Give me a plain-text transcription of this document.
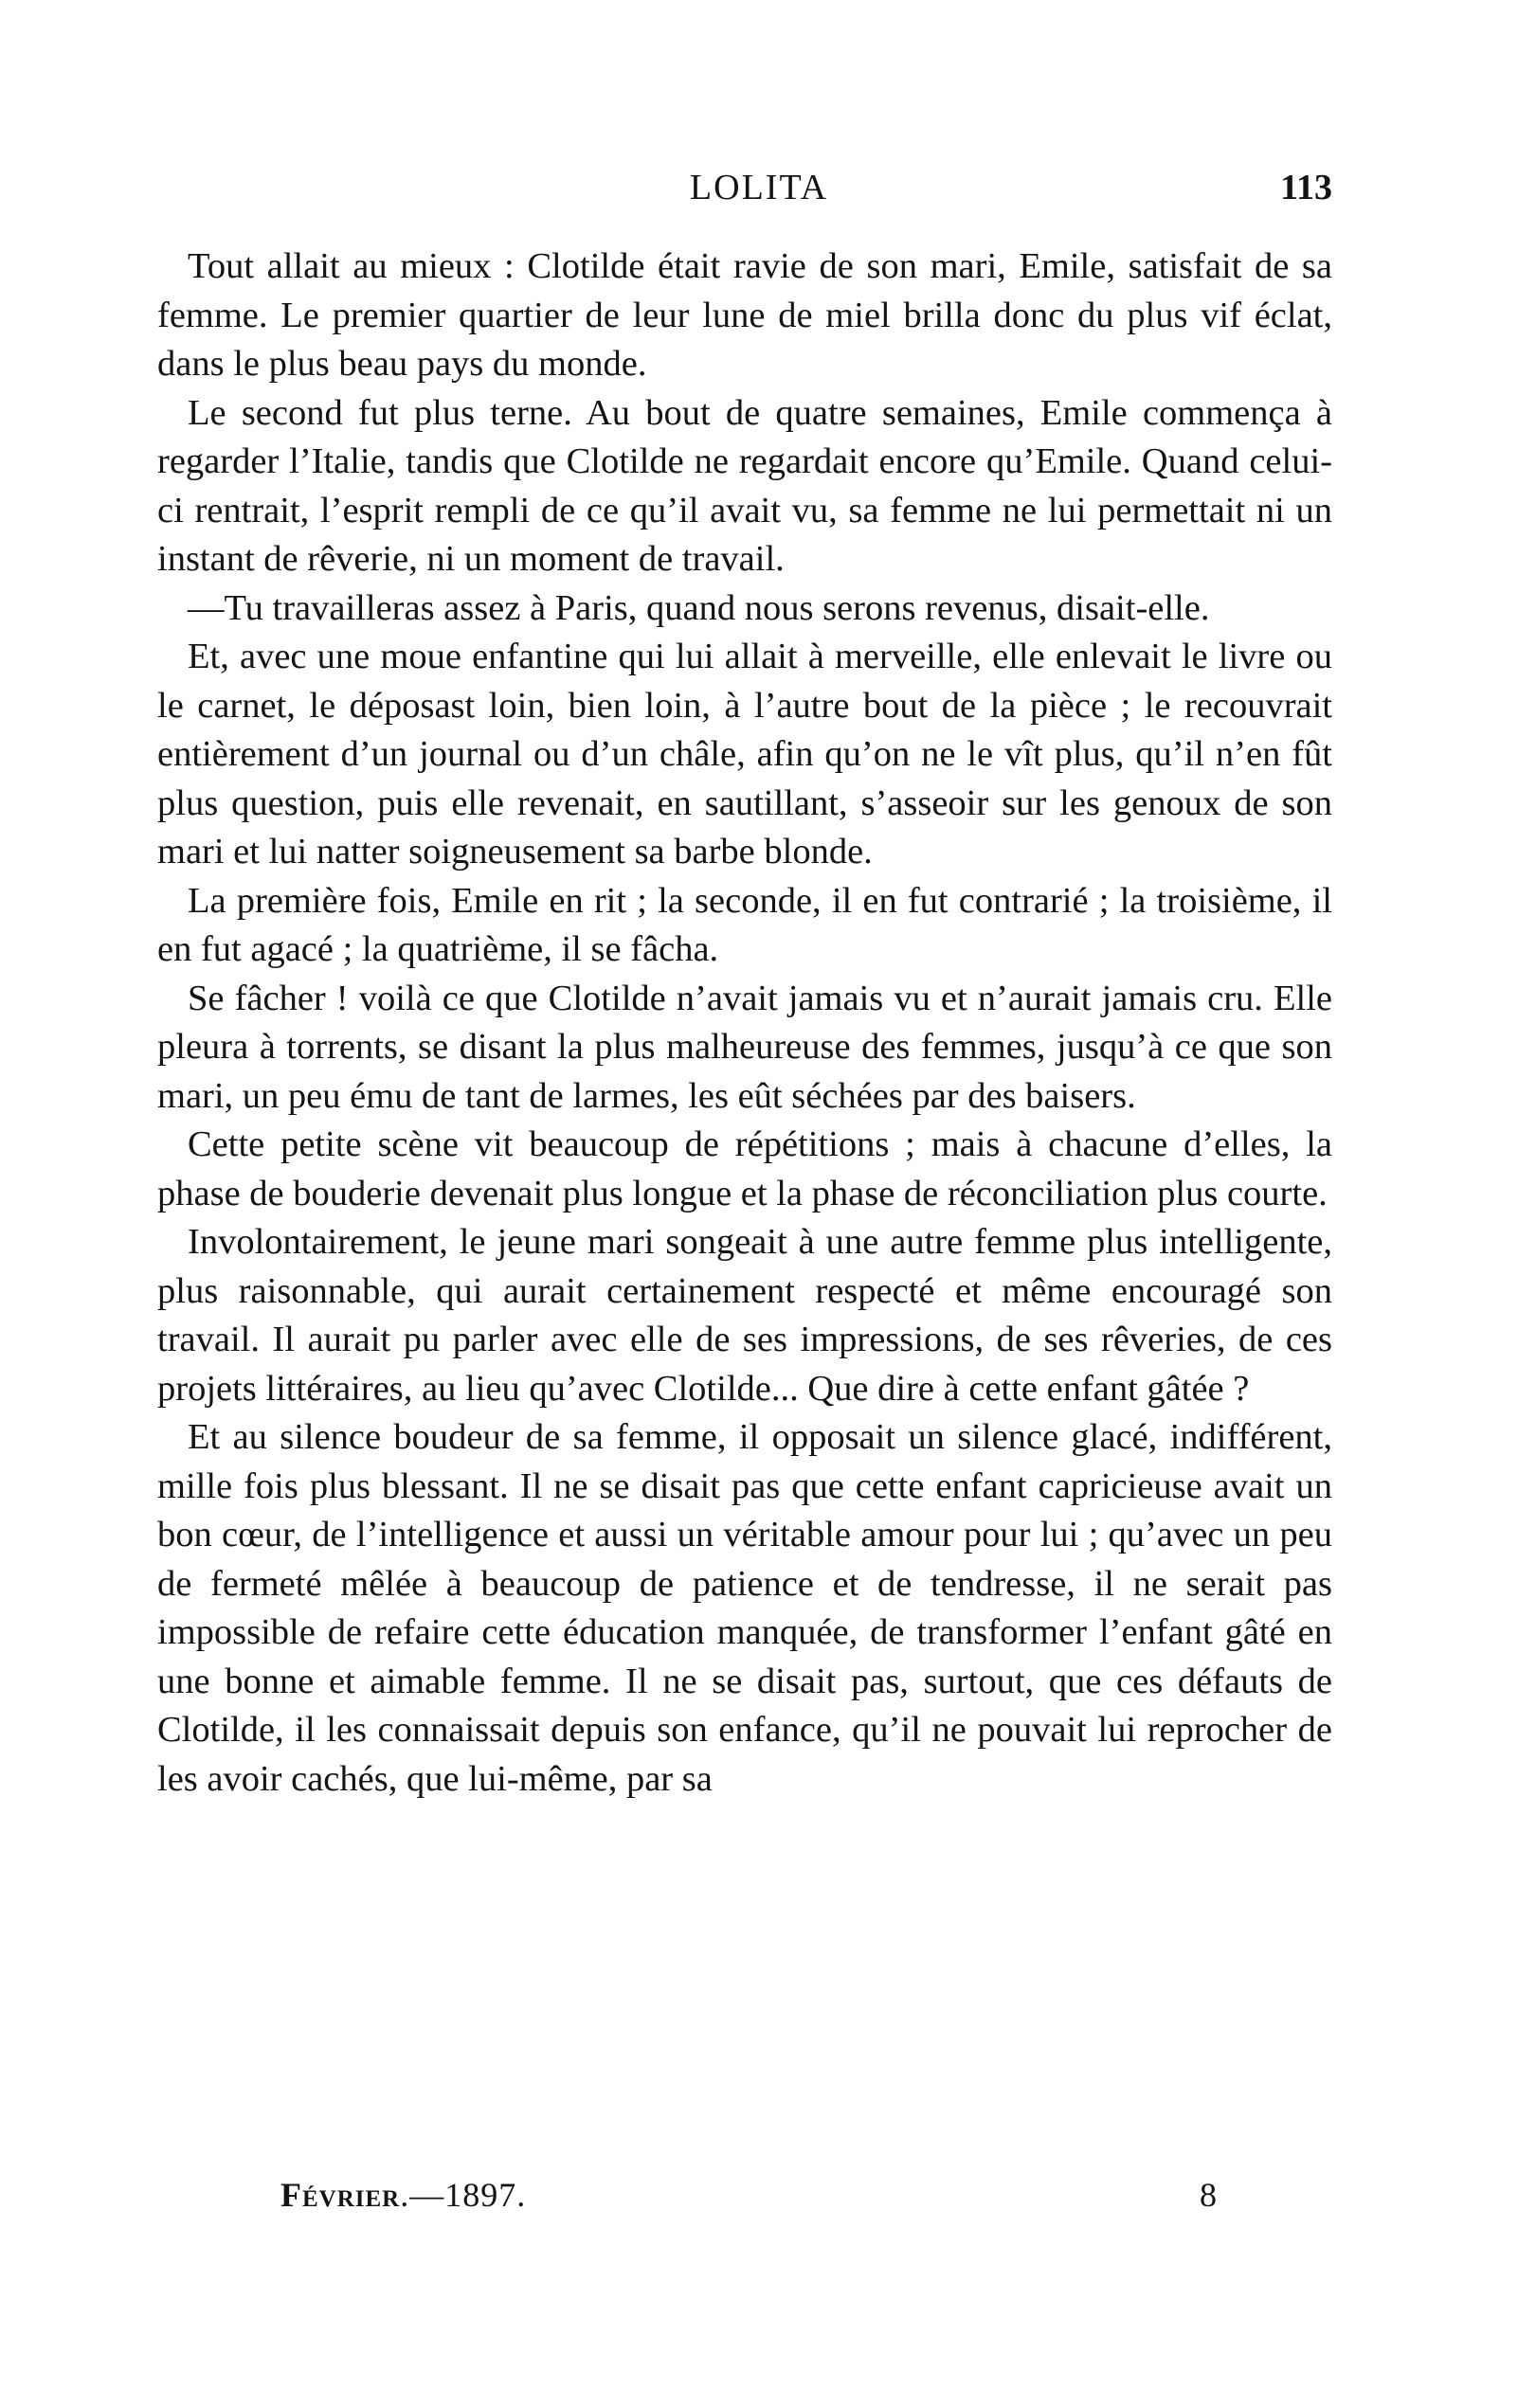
LOLITA	113

Tout allait au mieux : Clotilde était ravie de son mari, Emile, satisfait de sa femme. Le premier quartier de leur lune de miel brilla donc du plus vif éclat, dans le plus beau pays du monde.

Le second fut plus terne. Au bout de quatre semaines, Emile commença à regarder l’Italie, tandis que Clotilde ne regardait encore qu’Emile. Quand celui-ci rentrait, l’esprit rempli de ce qu’il avait vu, sa femme ne lui permettait ni un instant de rêverie, ni un moment de travail.

—Tu travailleras assez à Paris, quand nous serons revenus, disait-elle.

Et, avec une moue enfantine qui lui allait à merveille, elle enlevait le livre ou le carnet, le déposast loin, bien loin, à l’autre bout de la pièce ; le recouvrait entièrement d’un journal ou d’un châle, afin qu’on ne le vît plus, qu’il n’en fût plus question, puis elle revenait, en sautillant, s’asseoir sur les genoux de son mari et lui natter soigneusement sa barbe blonde.

La première fois, Emile en rit ; la seconde, il en fut contrarié ; la troisième, il en fut agacé ; la quatrième, il se fâcha.

Se fâcher ! voilà ce que Clotilde n’avait jamais vu et n’aurait jamais cru. Elle pleura à torrents, se disant la plus malheureuse des femmes, jusqu’à ce que son mari, un peu ému de tant de larmes, les eût séchées par des baisers.

Cette petite scène vit beaucoup de répétitions ; mais à chacune d’elles, la phase de bouderie devenait plus longue et la phase de réconciliation plus courte.

Involontairement, le jeune mari songeait à une autre femme plus intelligente, plus raisonnable, qui aurait certainement respecté et même encouragé son travail. Il aurait pu parler avec elle de ses impressions, de ses rêveries, de ces projets littéraires, au lieu qu’avec Clotilde... Que dire à cette enfant gâtée ?

Et au silence boudeur de sa femme, il opposait un silence glacé, indifférent, mille fois plus blessant. Il ne se disait pas que cette enfant capricieuse avait un bon cœur, de l’intelligence et aussi un véritable amour pour lui ; qu’avec un peu de fermeté mêlée à beaucoup de patience et de tendresse, il ne serait pas impossible de refaire cette éducation manquée, de transformer l’enfant gâté en une bonne et aimable femme. Il ne se disait pas, surtout, que ces défauts de Clotilde, il les connaissait depuis son enfance, qu’il ne pouvait lui reprocher de les avoir cachés, que lui-même, par sa

Février.—1897.	8
